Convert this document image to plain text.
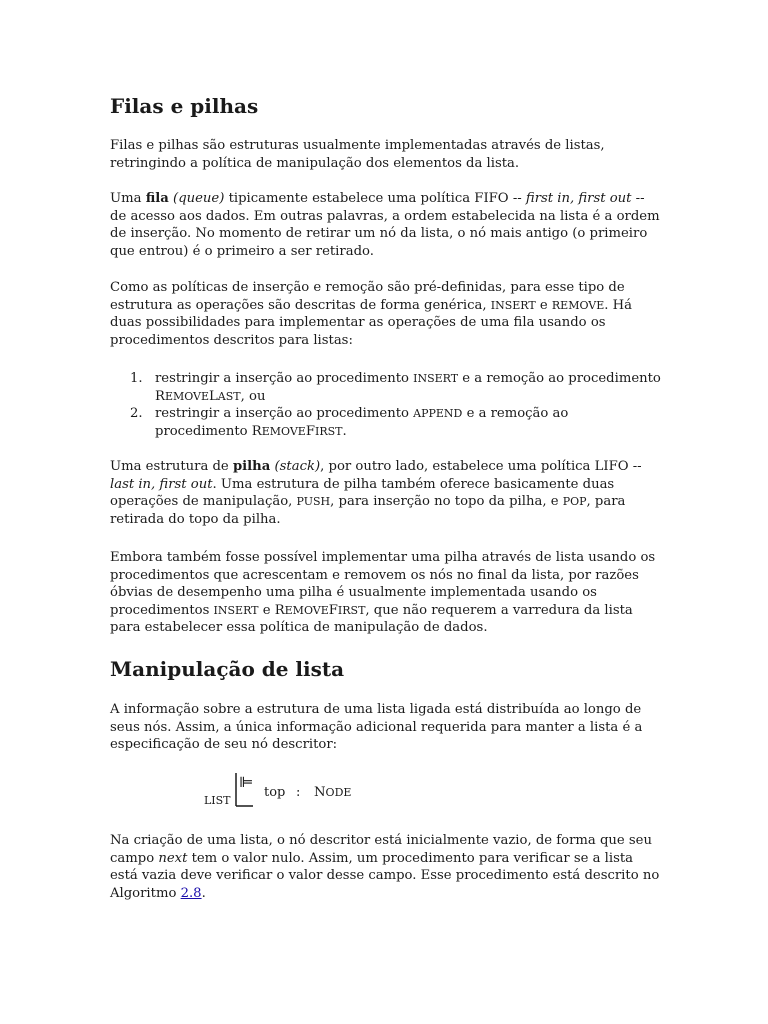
Filas e pilhas

Filas e pilhas são estruturas usualmente implementadas através de listas, retringindo a política de manipulação dos elementos da lista.

Uma fila (queue) tipicamente estabelece uma política FIFO -- first in, first out -- de acesso aos dados. Em outras palavras, a ordem estabelecida na lista é a ordem de inserção. No momento de retirar um nó da lista, o nó mais antigo (o primeiro que entrou) é o primeiro a ser retirado.

Como as políticas de inserção e remoção são pré-definidas, para esse tipo de estrutura as operações são descritas de forma genérica, INSERT e REMOVE. Há duas possibilidades para implementar as operações de uma fila usando os procedimentos descritos para listas:

1. restringir a inserção ao procedimento INSERT e a remoção ao procedimento REMOVELAST, ou
2. restringir a inserção ao procedimento APPEND e a remoção ao procedimento REMOVEFIRST.

Uma estrutura de pilha (stack), por outro lado, estabelece uma política LIFO -- last in, first out. Uma estrutura de pilha também oferece basicamente duas operações de manipulação, PUSH, para inserção no topo da pilha, e POP, para retirada do topo da pilha.

Embora também fosse possível implementar uma pilha através de lista usando os procedimentos que acrescentam e removem os nós no final da lista, por razões óbvias de desempenho uma pilha é usualmente implementada usando os procedimentos INSERT e REMOVEFIRST, que não requerem a varredura da lista para estabelecer essa política de manipulação de dados.

Manipulação de lista

A informação sobre a estrutura de uma lista ligada está distribuída ao longo de seus nós. Assim, a única informação adicional requerida para manter a lista é a especificação de seu nó descritor:

Na criação de uma lista, o nó descritor está inicialmente vazio, de forma que seu campo next tem o valor nulo. Assim, um procedimento para verificar se a lista está vazia deve verificar o valor desse campo. Esse procedimento está descrito no Algoritmo 2.8.

LIST
⊫
top : NODE
